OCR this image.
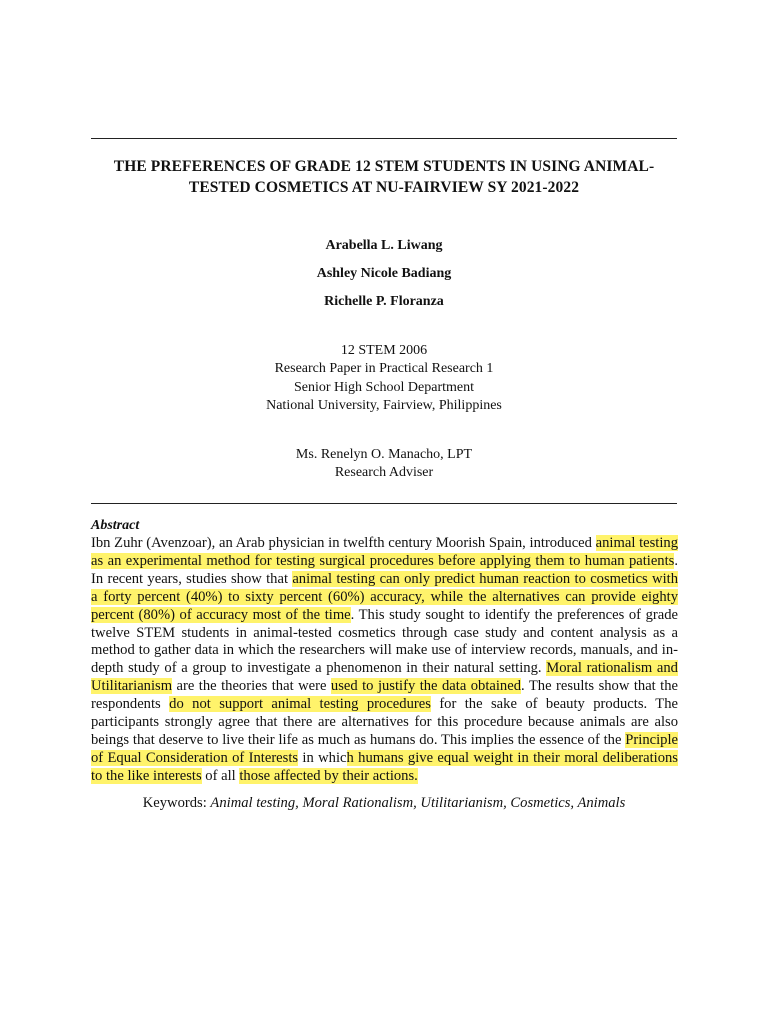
THE PREFERENCES OF GRADE 12 STEM STUDENTS IN USING ANIMAL-
TESTED COSMETICS AT NU-FAIRVIEW SY 2021-2022
Arabella L. Liwang
Ashley Nicole Badiang
Richelle P. Floranza
12 STEM 2006
Research Paper in Practical Research 1
Senior High School Department
National University, Fairview, Philippines
Ms. Renelyn O. Manacho, LPT
Research Adviser
Abstract
Ibn Zuhr (Avenzoar), an Arab physician in twelfth century Moorish Spain, introduced animal testing as an experimental method for testing surgical procedures before applying them to human patients. In recent years, studies show that animal testing can only predict human reaction to cosmetics with a forty percent (40%) to sixty percent (60%) accuracy, while the alternatives can provide eighty percent (80%) of accuracy most of the time. This study sought to identify the preferences of grade twelve STEM students in animal-tested cosmetics through case study and content analysis as a method to gather data in which the researchers will make use of interview records, manuals, and in-depth study of a group to investigate a phenomenon in their natural setting. Moral rationalism and Utilitarianism are the theories that were used to justify the data obtained. The results show that the respondents do not support animal testing procedures for the sake of beauty products. The participants strongly agree that there are alternatives for this procedure because animals are also beings that deserve to live their life as much as humans do. This implies the essence of the Principle of Equal Consideration of Interests in which humans give equal weight in their moral deliberations to the like interests of all those affected by their actions.
Keywords: Animal testing, Moral Rationalism, Utilitarianism, Cosmetics, Animals
